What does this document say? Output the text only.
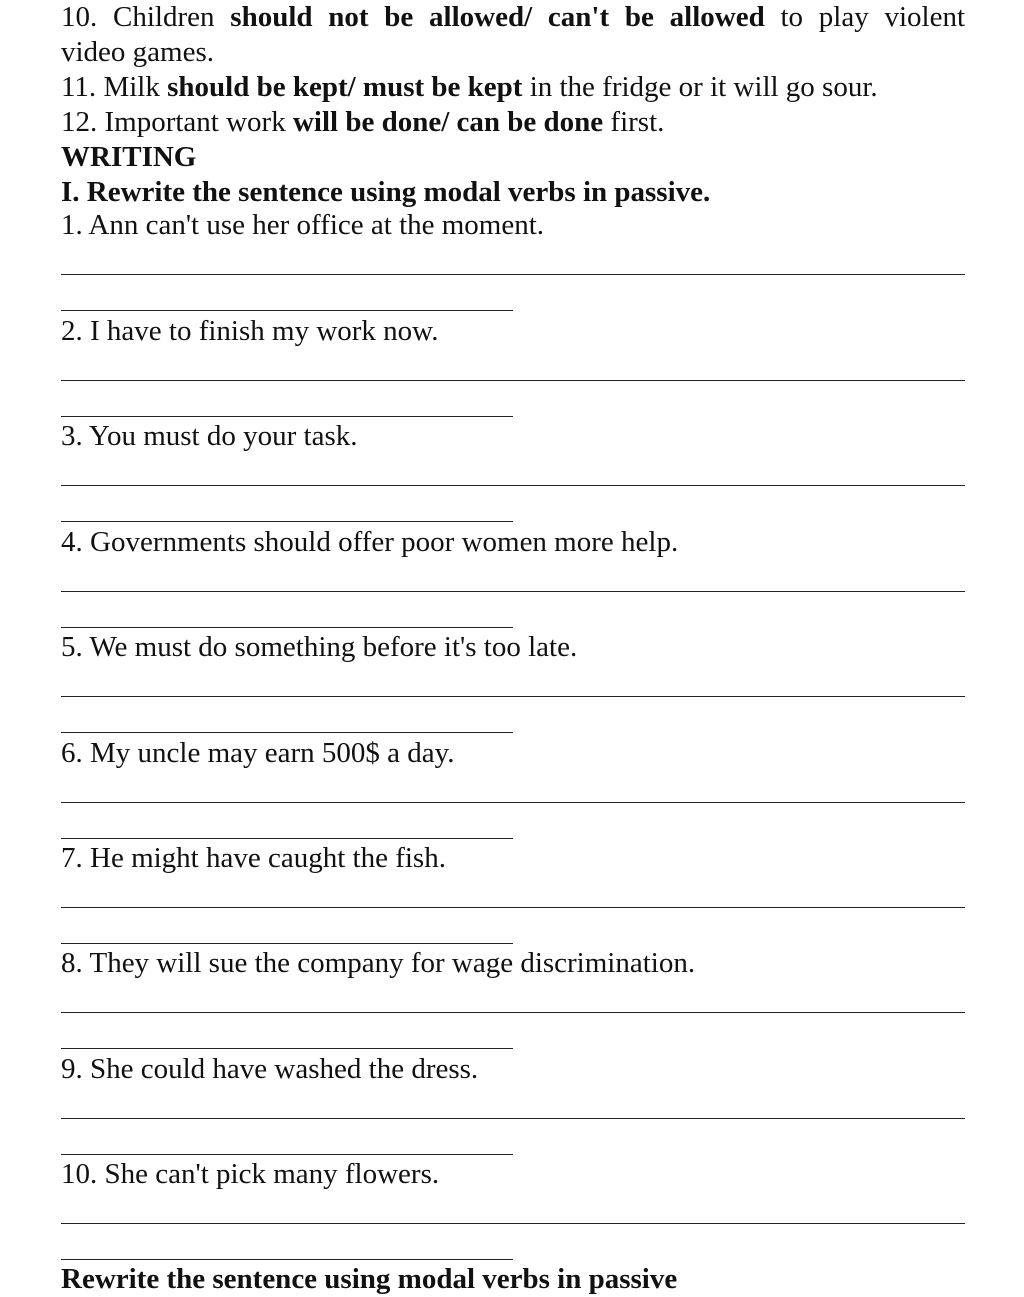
10. Children should not be allowed/ can't be allowed to play violent
video games.
11. Milk should be kept/ must be kept in the fridge or it will go sour.
12. Important work will be done/ can be done first.
WRITING
I. Rewrite the sentence using modal verbs in passive.
1. Ann can't use her office at the moment.
2. I have to finish my work now.
3. You must do your task.
4. Governments should offer poor women more help.
5. We must do something before it's too late.
6. My uncle may earn 500$ a day.
7. He might have caught the fish.
8. They will sue the company for wage discrimination.
9. She could have washed the dress.
10. She can't pick many flowers.
Rewrite the sentence using modal verbs in passive
